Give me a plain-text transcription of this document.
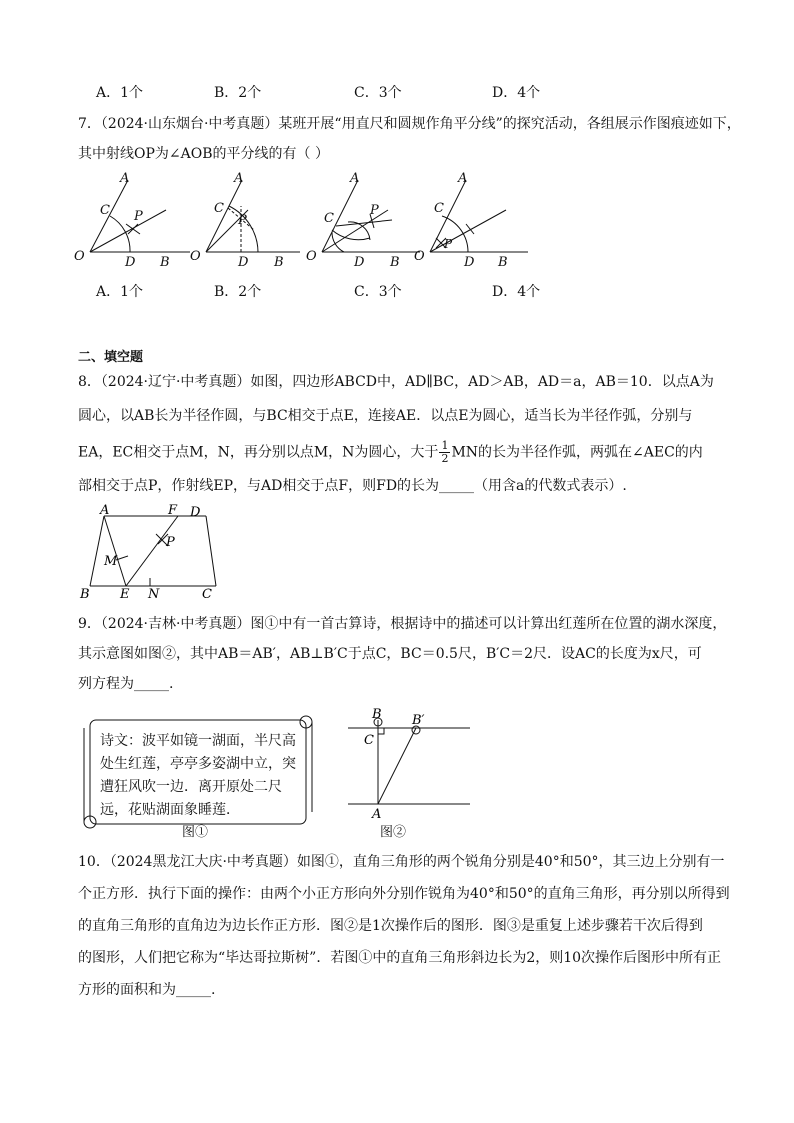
A．1个	B．2个	C．3个	D．4个
7．（2024·山东烟台·中考真题）某班开展“用直尺和圆规作角平分线”的探究活动，各组展示作图痕迹如下，
其中射线OP为∠AOB的平分线的有（ ）
O
A
C P
D B O
A
C
P
D B O
A
C
P
D B O
A
C
P
D B
A．1个	B．2个	C．3个	D．4个
二、填空题
8．（2024·辽宁·中考真题）如图，四边形ABCD中，AD∥BC，AD＞AB，AD＝a，AB＝10．以点A为
圆心，以AB长为半径作圆，与BC相交于点E，连接AE．以点E为圆心，适当长为半径作弧，分别与
EA，EC相交于点M，N，再分别以点M，N为圆心，大于 $\frac{1}{2}$ MN的长为半径作弧，两弧在∠AEC的内
部相交于点P，作射线EP，与AD相交于点F，则FD的长为_____（用含a的代数式表示）.
A	F D
M
P
B E N	C
9．（2024·吉林·中考真题）图①中有一首古算诗，根据诗中的描述可以计算出红莲所在位置的湖水深度，
其示意图如图②，其中AB＝AB′，AB⊥B′C于点C，BC＝0.5尺，B′C＝2尺．设AC的长度为x尺，可
列方程为_____.
诗文：波平如镜一湖面，半尺高
处生红莲，亭亭多姿湖中立，突
遭狂风吹一边．离开原处二尺
远，花贴湖面象睡莲．
图①
B B′
C
A
图②
10．（2024黑龙江大庆·中考真题）如图①，直角三角形的两个锐角分别是40°和50°，其三边上分别有一
个正方形．执行下面的操作：由两个小正方形向外分别作锐角为40°和50°的直角三角形，再分别以所得到
的直角三角形的直角边为边长作正方形．图②是1次操作后的图形．图③是重复上述步骤若干次后得到
的图形，人们把它称为“毕达哥拉斯树”．若图①中的直角三角形斜边长为2，则10次操作后图形中所有正
方形的面积和为_____.
